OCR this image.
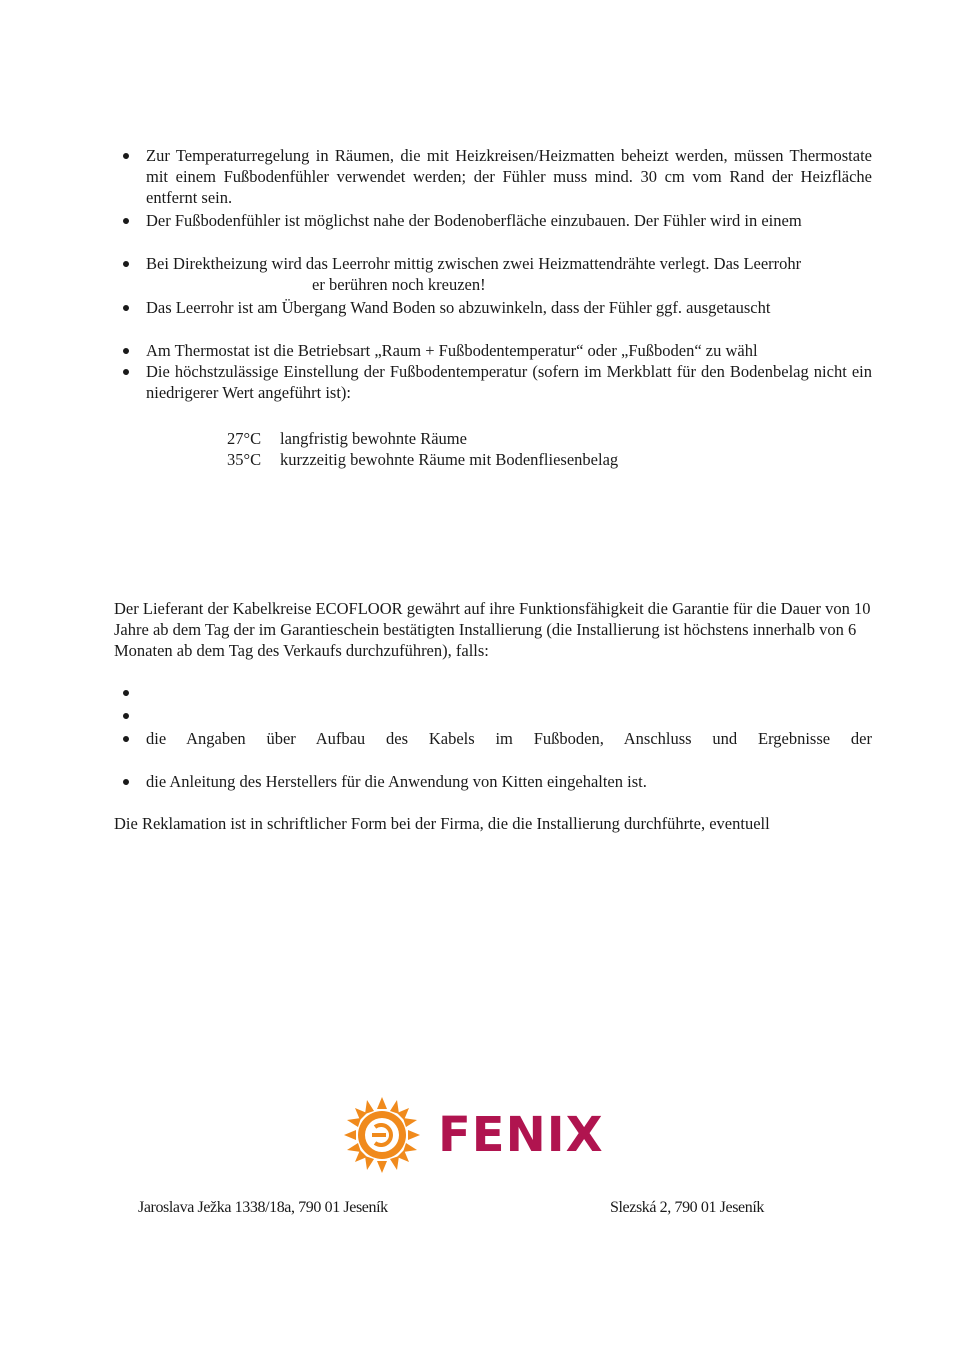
Zur Temperaturregelung in Räumen, die mit Heizkreisen/Heizmatten beheizt werden, müssen Thermostate mit einem Fußbodenfühler verwendet werden; der Fühler muss mind. 30 cm vom Rand der Heizfläche entfernt sein.
Der Fußbodenfühler ist möglichst nahe der Bodenoberfläche einzubauen. Der Fühler wird in einem
Bei Direktheizung wird das Leerrohr mittig zwischen zwei Heizmattendrähte verlegt. Das Leerrohr
er berühren noch kreuzen!
Das Leerrohr ist am Übergang Wand Boden so abzuwinkeln, dass der Fühler ggf. ausgetauscht
Am Thermostat ist die Betriebsart „Raum + Fußbodentemperatur“ oder „Fußboden“ zu wähl
Die höchstzulässige Einstellung der Fußbodentemperatur (sofern im Merkblatt für den Bodenbelag nicht ein niedrigerer Wert angeführt ist):
27°C	langfristig bewohnte Räume
35°C	kurzzeitig bewohnte Räume mit Bodenfliesenbelag
Der Lieferant der Kabelkreise ECOFLOOR gewährt auf ihre Funktionsfähigkeit die Garantie für die Dauer von 10 Jahre ab dem Tag der im Garantieschein bestätigten Installierung (die Installierung ist höchstens innerhalb von 6 Monaten ab dem Tag des Verkaufs durchzuführen), falls:
die Angaben über Aufbau des Kabels im Fußboden, Anschluss und Ergebnisse der
die Anleitung des Herstellers für die Anwendung von Kitten eingehalten ist.
Die Reklamation ist in schriftlicher Form bei der Firma, die die Installierung durchführte, eventuell
FENIX
Jaroslava Ježka 1338/18a, 790 01 Jeseník	Slezská 2, 790 01 Jeseník
